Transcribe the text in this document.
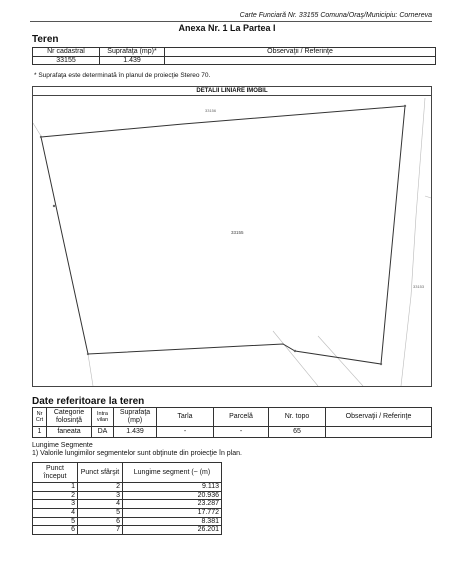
Carte Funciară Nr. 33155 Comuna/Oraş/Municipiu: Cornereva
Anexa Nr. 1 La Partea I
Teren
Nr cadastral	Suprafaţa (mp)*	Observaţii / Referinţe
33155	1.439	
* Suprafaţa este determinată în planul de proiecţie Stereo 70.
DETALII LINIARE IMOBIL
33156
33155
33153
Date referitoare la teren
Nr Crt	Categorie folosinţă	Intra vilan	Suprafaţa (mp)	Tarla	Parcelă	Nr. topo	Observaţii / Referinţe
1	faneata	DA	1.439	-	-	65	
Lungime Segmente
1) Valorile lungimilor segmentelor sunt obţinute din proiecţie în plan.
Punct început	Punct sfârşit	Lungime segment (~ (m)
1	2	9.113
2	3	20.936
3	4	23.287
4	5	17.772
5	6	8.381
6	7	26.201
